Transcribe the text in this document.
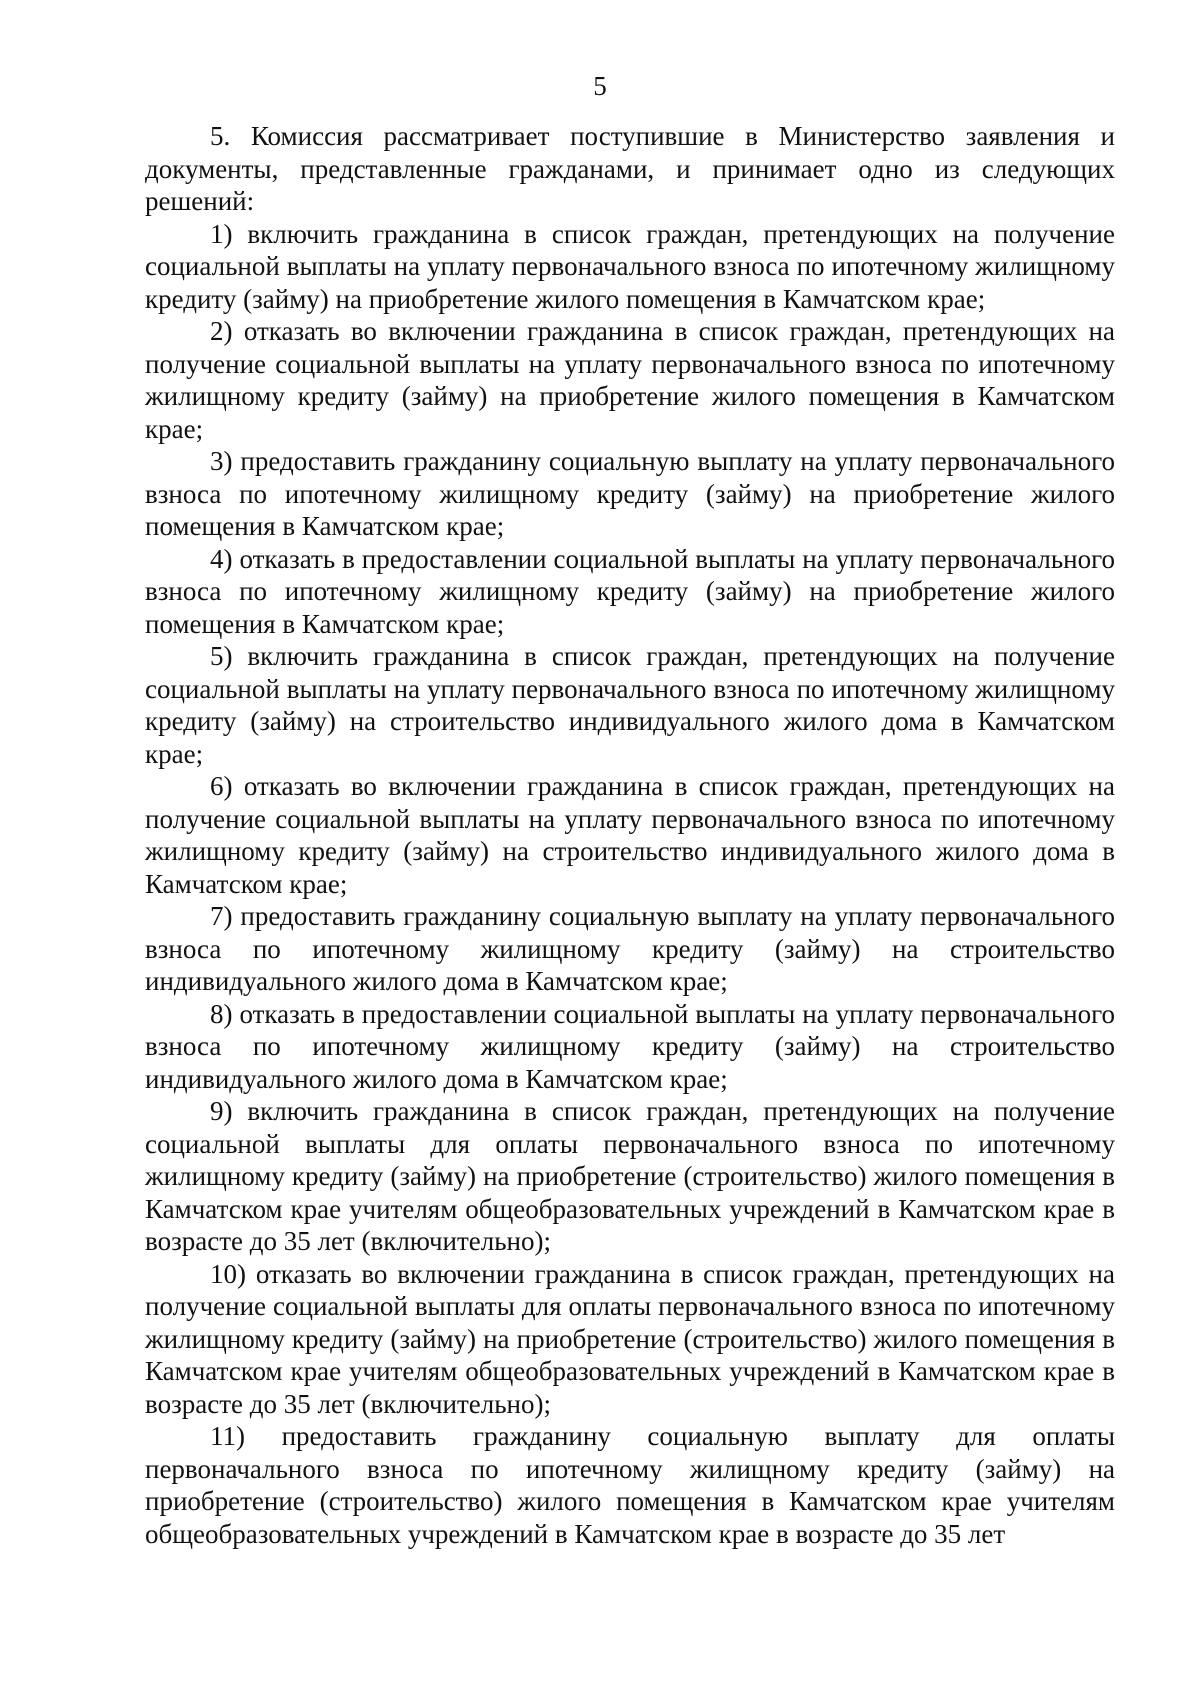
5

5. Комиссия рассматривает поступившие в Министерство заявления и документы, представленные гражданами, и принимает одно из следующих решений:

1) включить гражданина в список граждан, претендующих на получение социальной выплаты на уплату первоначального взноса по ипотечному жилищному кредиту (займу) на приобретение жилого помещения в Камчатском крае;

2) отказать во включении гражданина в список граждан, претендующих на получение социальной выплаты на уплату первоначального взноса по ипотечному жилищному кредиту (займу) на приобретение жилого помещения в Камчатском крае;

3) предоставить гражданину социальную выплату на уплату первоначального взноса по ипотечному жилищному кредиту (займу) на приобретение жилого помещения в Камчатском крае;

4) отказать в предоставлении социальной выплаты на уплату первоначального взноса по ипотечному жилищному кредиту (займу) на приобретение жилого помещения в Камчатском крае;

5) включить гражданина в список граждан, претендующих на получение социальной выплаты на уплату первоначального взноса по ипотечному жилищному кредиту (займу) на строительство индивидуального жилого дома в Камчатском крае;

6) отказать во включении гражданина в список граждан, претендующих на получение социальной выплаты на уплату первоначального взноса по ипотечному жилищному кредиту (займу) на строительство индивидуального жилого дома в Камчатском крае;

7) предоставить гражданину социальную выплату на уплату первоначального взноса по ипотечному жилищному кредиту (займу) на строительство индивидуального жилого дома в Камчатском крае;

8) отказать в предоставлении социальной выплаты на уплату первоначального взноса по ипотечному жилищному кредиту (займу) на строительство индивидуального жилого дома в Камчатском крае;

9) включить гражданина в список граждан, претендующих на получение социальной выплаты для оплаты первоначального взноса по ипотечному жилищному кредиту (займу) на приобретение (строительство) жилого помещения в Камчатском крае учителям общеобразовательных учреждений в Камчатском крае в возрасте до 35 лет (включительно);

10) отказать во включении гражданина в список граждан, претендующих на получение социальной выплаты для оплаты первоначального взноса по ипотечному жилищному кредиту (займу) на приобретение (строительство) жилого помещения в Камчатском крае учителям общеобразовательных учреждений в Камчатском крае в возрасте до 35 лет (включительно);

11) предоставить гражданину социальную выплату для оплаты первоначального взноса по ипотечному жилищному кредиту (займу) на приобретение (строительство) жилого помещения в Камчатском крае учителям общеобразовательных учреждений в Камчатском крае в возрасте до 35 лет
